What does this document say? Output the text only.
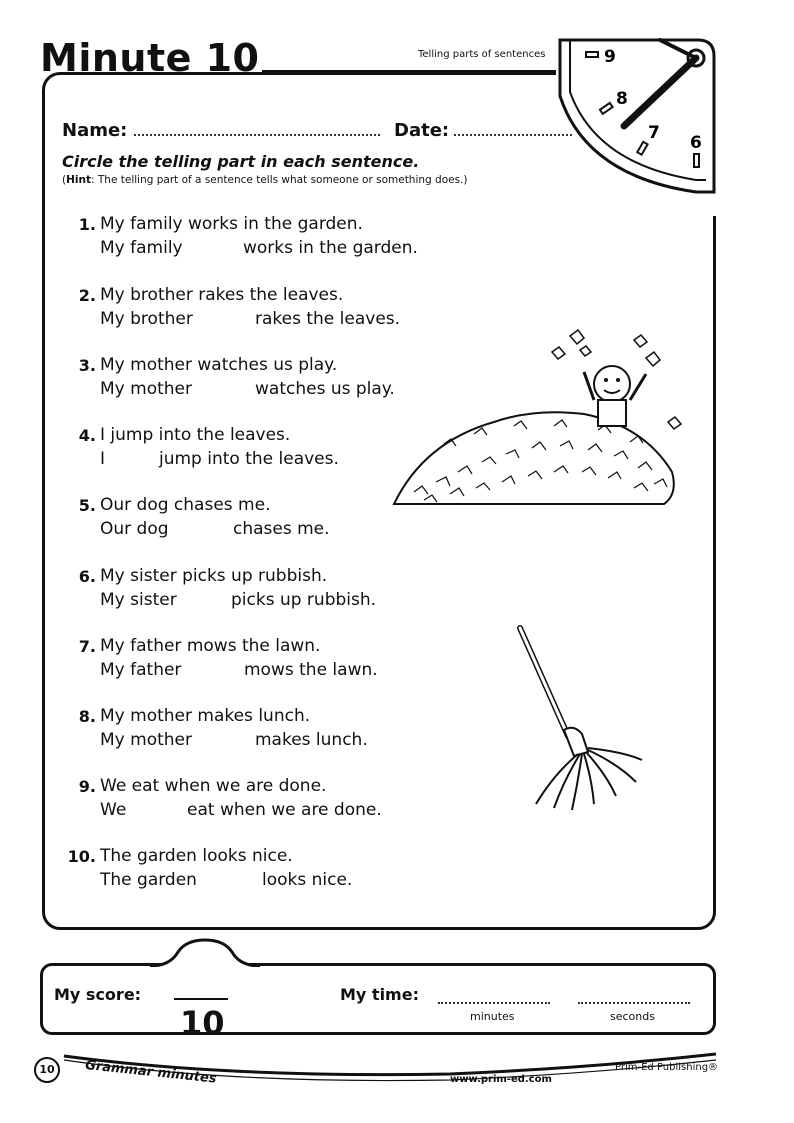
Minute 10	Telling parts of sentences	9
8
7 6
Name:	Date:
Circle the telling part in each sentence.
(Hint: The telling part of a sentence tells what someone or something does.)
1. My family works in the garden.
My family	works in the garden.
2. My brother rakes the leaves.
My brother	rakes the leaves.
3. My mother watches us play.
My mother	watches us play.
4. I jump into the leaves.
I	jump into the leaves.
5. Our dog chases me.
Our dog	chases me.
6. My sister picks up rubbish.
My sister	picks up rubbish.
7. My father mows the lawn.
My father	mows the lawn.
8. My mother makes lunch.
My mother	makes lunch.
9. We eat when we are done.
We	eat when we are done.
10. The garden looks nice.
The garden	looks nice.
My score:
10
My time:
minutes	seconds
10	Grammar minutes	www.prim-ed.com
Prim-Ed Publishing®
